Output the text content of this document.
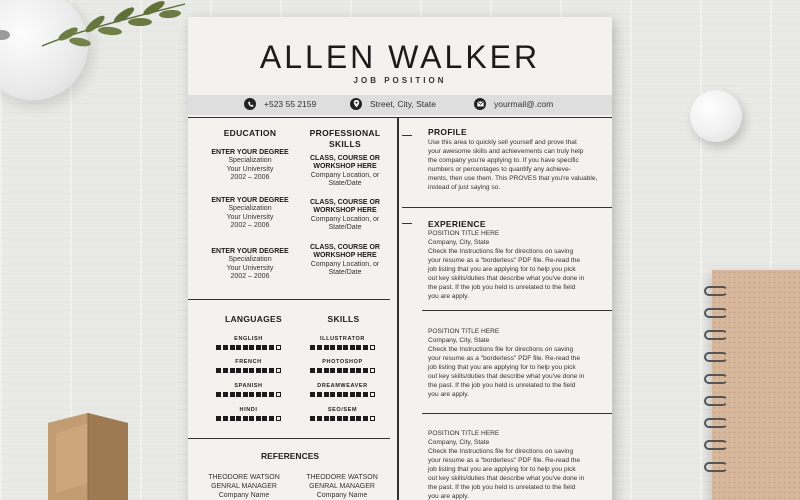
ALLEN WALKER
JOB POSITION
+523 55 2159	Street, City, State	yourmail@.com
EDUCATION
ENTER YOUR DEGREE
Specialization
Your University
2002 – 2006
ENTER YOUR DEGREE
Specialization
Your University
2002 – 2006
ENTER YOUR DEGREE
Specialization
Your University
2002 – 2006
PROFESSIONAL
SKILLS
CLASS, COURSE OR
WORKSHOP HERE
Company Location, or
State/Date
CLASS, COURSE OR
WORKSHOP HERE
Company Location, or
State/Date
CLASS, COURSE OR
WORKSHOP HERE
Company Location, or
State/Date
LANGUAGES
ENGLISH
FRENCH
SPANISH
HINDI
SKILLS
ILLUSTRATOR
PHOTOSHOP
DREAMWEAVER
SEO/SEM
REFERENCES
THEODORE WATSON
GENRAL MANAGER
Company Name
THEODORE WATSON
GENRAL MANAGER
Company Name
PROFILE
Use this area to quickly sell yourself and prove that
your awesome skills and achievements can truly help
the company you're applying to. If you have specific
numbers or percentages to quantify any achieve-
ments, then use them. This PROVES that you're valuable,
instead of just saying so.
EXPERIENCE
POSITION TITLE HERE
Company, City, State
Check the Instructions file for directions on saving
your resume as a "borderless" PDF file. Re-read the
job listing that you are applying for to help you pick
out key skills/duties that describe what you've done in
the past. If the job you held is unrelated to the field
you are apply.
POSITION TITLE HERE
Company, City, State
Check the Instructions file for directions on saving
your resume as a "borderless" PDF file. Re-read the
job listing that you are applying for to help you pick
out key skills/duties that describe what you've done in
the past. If the job you held is unrelated to the field
you are apply.
POSITION TITLE HERE
Company, City, State
Check the Instructions file for directions on saving
your resume as a "borderless" PDF file. Re-read the
job listing that you are applying for to help you pick
out key skills/duties that describe what you've done in
the past. If the job you held is unrelated to the field
you are apply.
